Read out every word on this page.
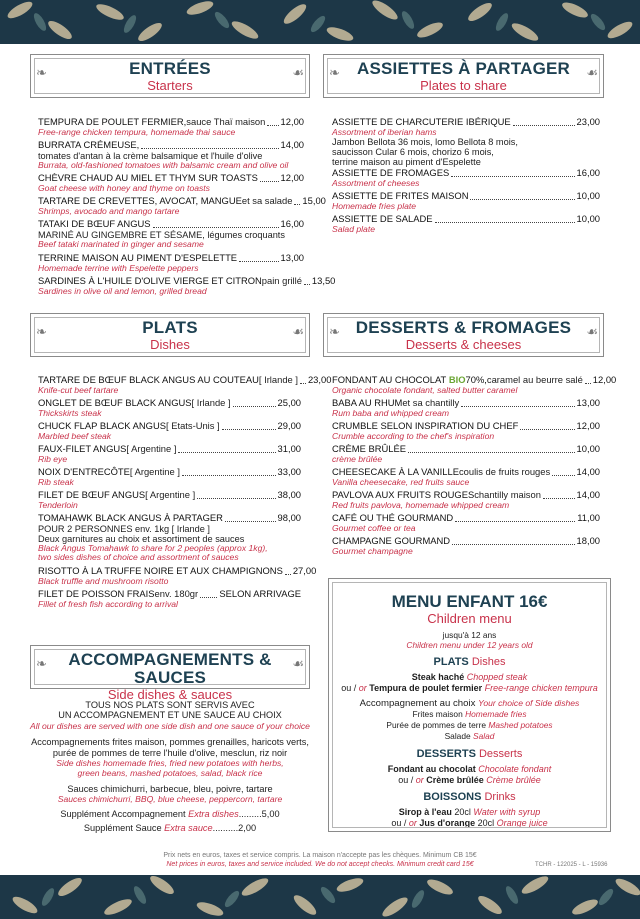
❧	☙
ENTRÉES
Starters
❧	☙
ASSIETTES À PARTAGER
Plates to share
TEMPURA DE POULET FERMIER, sauce Thaï maison 12,00
Free-range chicken tempura, homemade thai sauce
BURRATA CRÉMEUSE,	14,00
tomates d'antan à la crème balsamique et l'huile d'olive
Burrata, old-fashioned tomatoes with balsamic cream and olive oil
CHÈVRE CHAUD AU MIEL ET THYM SUR TOASTS 12,00
Goat cheese with honey and thyme on toasts
TARTARE DE CREVETTES, AVOCAT, MANGUE et sa salade 15,00
Shrimps, avocado and mango tartare
TATAKI DE BŒUF ANGUS	16,00
MARINÉ AU GINGEMBRE ET SÉSAME, légumes croquants
Beef tataki marinated in ginger and sesame
TERRINE MAISON AU PIMENT D'ESPELETTE	13,00
Homemade terrine with Espelette peppers
SARDINES À L'HUILE D'OLIVE VIERGE ET CITRON pain grillé 13,50
Sardines in olive oil and lemon, grilled bread
ASSIETTE DE CHARCUTERIE IBÉRIQUE	23,00
Assortment of iberian hams
Jambon Bellota 36 mois, lomo Bellota 8 mois,
saucisson Cular 6 mois, chorizo 6 mois,
terrine maison au piment d'Espelette
ASSIETTE DE FROMAGES	16,00
Assortment of cheeses
ASSIETTE DE FRITES MAISON	10,00
Homemade fries plate
ASSIETTE DE SALADE	10,00
Salad plate
❧	☙
PLATS
Dishes
❧	☙
DESSERTS & FROMAGES
Desserts & cheeses
TARTARE DE BŒUF BLACK ANGUS AU COUTEAU [ Irlande ] 23,00
Knife-cut beef tartare
ONGLET DE BŒUF BLACK ANGUS [ Irlande ]	25,00
Thickskirts steak
CHUCK FLAP BLACK ANGUS [ Etats-Unis ]	29,00
Marbled beef steak
FAUX-FILET ANGUS [ Argentine ]	31,00
Rib eye
NOIX D'ENTRECÔTE [ Argentine ]	33,00
Rib steak
FILET DE BŒUF ANGUS [ Argentine ]	38,00
Tenderloin
TOMAHAWK BLACK ANGUS À PARTAGER	98,00
POUR 2 PERSONNES env. 1kg [ Irlande ]
Deux garnitures au choix et assortiment de sauces
Black Angus Tomahawk to share for 2 peoples (approx 1kg),
two sides dishes of choice and assortment of sauces
RISOTTO À LA TRUFFE NOIRE ET AUX CHAMPIGNONS 27,00
Black truffle and mushroom risotto
FILET DE POISSON FRAIS env. 180gr SELON ARRIVAGE
Fillet of fresh fish according to arrival
FONDANT AU CHOCOLAT
BIO 70%, caramel au beurre salé 12,00
Organic chocolate fondant, salted butter caramel
BABA AU RHUM et sa chantilly	13,00
Rum baba and whipped cream
CRUMBLE SELON INSPIRATION DU CHEF	12,00
Crumble according to the chef's inspiration
CRÈME BRÛLÉE	10,00
crème brûlée
CHEESECAKE À LA VANILLE coulis de fruits rouges	14,00
Vanilla cheesecake, red fruits sauce
PAVLOVA AUX FRUITS ROUGES chantilly maison	14,00
Red fruits pavlova, homemade whipped cream
CAFÉ OU THÉ GOURMAND	11,00
Gourmet coffee or tea
CHAMPAGNE GOURMAND	18,00
Gourmet champagne
❧	☙
ACCOMPAGNEMENTS & SAUCES
Side dishes & sauces
TOUS NOS PLATS SONT SERVIS AVEC
UN ACCOMPAGNEMENT ET UNE SAUCE AU CHOIX
All our dishes are served with one side dish and one sauce of your choice
Accompagnements frites maison, pommes grenailles, haricots verts,
purée de pommes de terre l'huile d'olive, mesclun, riz noir
Side dishes homemade fries, fried new potatoes with herbs,
green beans, mashed potatoes, salad, black rice
Sauces chimichurri, barbecue, bleu, poivre, tartare
Sauces chimichurri, BBQ, blue cheese, peppercorn, tartare
Supplément Accompagnement Extra dishes.........5,00
Supplément Sauce Extra sauce..........2,00
MENU ENFANT 16€
Children menu
jusqu'à 12 ans
Children menu under 12 years old
PLATS Dishes
Steak haché Chopped steak
ou / or Tempura de poulet fermier Free-range chicken tempura
Accompagnement au choix Your choice of Side dishes
Frites maison Homemade fries
Purée de pommes de terre Mashed potatoes
Salade Salad
DESSERTS Desserts
Fondant au chocolat Chocolate fondant
ou / or Crème brûlée Crème brûlée
BOISSONS Drinks
Sirop à l'eau 20cl Water with syrup
ou / or Jus d'orange 20cl Orange juice
Prix nets en euros, taxes et service compris. La maison n'accepte pas les chèques. Minimum CB 15€
Net prices in euros, taxes and service included. We do not accept checks. Minimum credit card 15€	TCHR - 122025 - L - 15936
